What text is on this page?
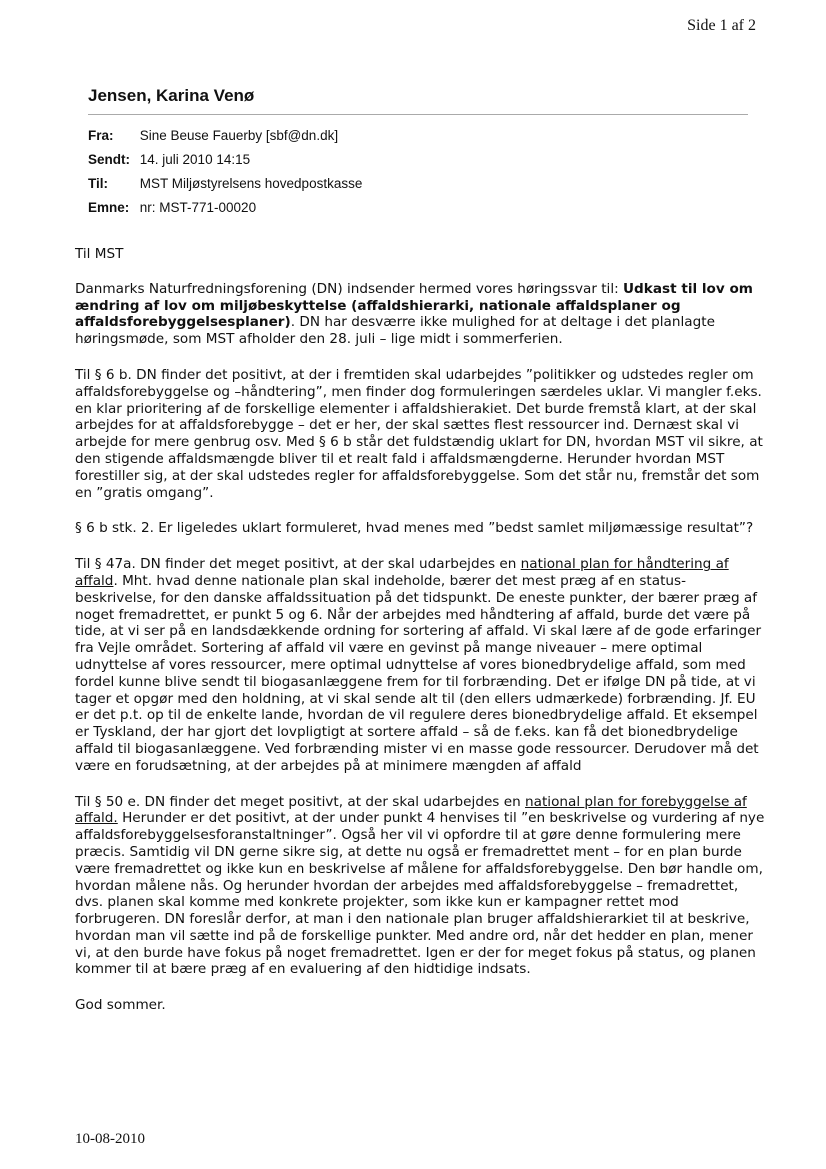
Side 1 af 2
Jensen, Karina Venø
Fra: Sine Beuse Fauerby [sbf@dn.dk]
Sendt: 14. juli 2010 14:15
Til: MST Miljøstyrelsens hovedpostkasse
Emne: nr: MST-771-00020

Til MST

Danmarks Naturfredningsforening (DN) indsender hermed vores høringssvar til: Udkast til lov om ændring af lov om miljøbeskyttelse (affaldshierarki, nationale affaldsplaner og affaldsforebyggelsesplaner). DN har desværre ikke mulighed for at deltage i det planlagte høringsmøde, som MST afholder den 28. juli – lige midt i sommerferien.

Til § 6 b. DN finder det positivt, at der i fremtiden skal udarbejdes ”politikker og udstedes regler om affaldsforebyggelse og –håndtering”, men finder dog formuleringen særdeles uklar. Vi mangler f.eks. en klar prioritering af de forskellige elementer i affaldshierakiet. Det burde fremstå klart, at der skal arbejdes for at affaldsforebygge – det er her, der skal sættes flest ressourcer ind. Dernæst skal vi arbejde for mere genbrug osv. Med § 6 b står det fuldstændig uklart for DN, hvordan MST vil sikre, at den stigende affaldsmængde bliver til et realt fald i affaldsmængderne. Herunder hvordan MST forestiller sig, at der skal udstedes regler for affaldsforebyggelse. Som det står nu, fremstår det som en ”gratis omgang”.

§ 6 b stk. 2. Er ligeledes uklart formuleret, hvad menes med ”bedst samlet miljømæssige resultat”?

Til § 47a. DN finder det meget positivt, at der skal udarbejdes en national plan for håndtering af affald. Mht. hvad denne nationale plan skal indeholde, bærer det mest præg af en status-beskrivelse, for den danske affaldssituation på det tidspunkt. De eneste punkter, der bærer præg af noget fremadrettet, er punkt 5 og 6. Når der arbejdes med håndtering af affald, burde det være på tide, at vi ser på en landsdækkende ordning for sortering af affald. Vi skal lære af de gode erfaringer fra Vejle området. Sortering af affald vil være en gevinst på mange niveauer – mere optimal udnyttelse af vores ressourcer, mere optimal udnyttelse af vores bionedbrydelige affald, som med fordel kunne blive sendt til biogasanlæggene frem for til forbrænding. Det er ifølge DN på tide, at vi tager et opgør med den holdning, at vi skal sende alt til (den ellers udmærkede) forbrænding. Jf. EU er det p.t. op til de enkelte lande, hvordan de vil regulere deres bionedbrydelige affald. Et eksempel er Tyskland, der har gjort det lovpligtigt at sortere affald – så de f.eks. kan få det bionedbrydelige affald til biogasanlæggene. Ved forbrænding mister vi en masse gode ressourcer. Derudover må det være en forudsætning, at der arbejdes på at minimere mængden af affald

Til § 50 e. DN finder det meget positivt, at der skal udarbejdes en national plan for forebyggelse af affald. Herunder er det positivt, at der under punkt 4 henvises til ”en beskrivelse og vurdering af nye affaldsforebyggelsesforanstaltninger”. Også her vil vi opfordre til at gøre denne formulering mere præcis. Samtidig vil DN gerne sikre sig, at dette nu også er fremadrettet ment – for en plan burde være fremadrettet og ikke kun en beskrivelse af målene for affaldsforebyggelse. Den bør handle om, hvordan målene nås. Og herunder hvordan der arbejdes med affaldsforebyggelse – fremadrettet, dvs. planen skal komme med konkrete projekter, som ikke kun er kampagner rettet mod forbrugeren. DN foreslår derfor, at man i den nationale plan bruger affaldshierarkiet til at beskrive, hvordan man vil sætte ind på de forskellige punkter. Med andre ord, når det hedder en plan, mener vi, at den burde have fokus på noget fremadrettet. Igen er der for meget fokus på status, og planen kommer til at bære præg af en evaluering af den hidtidige indsats.

God sommer.

10-08-2010
